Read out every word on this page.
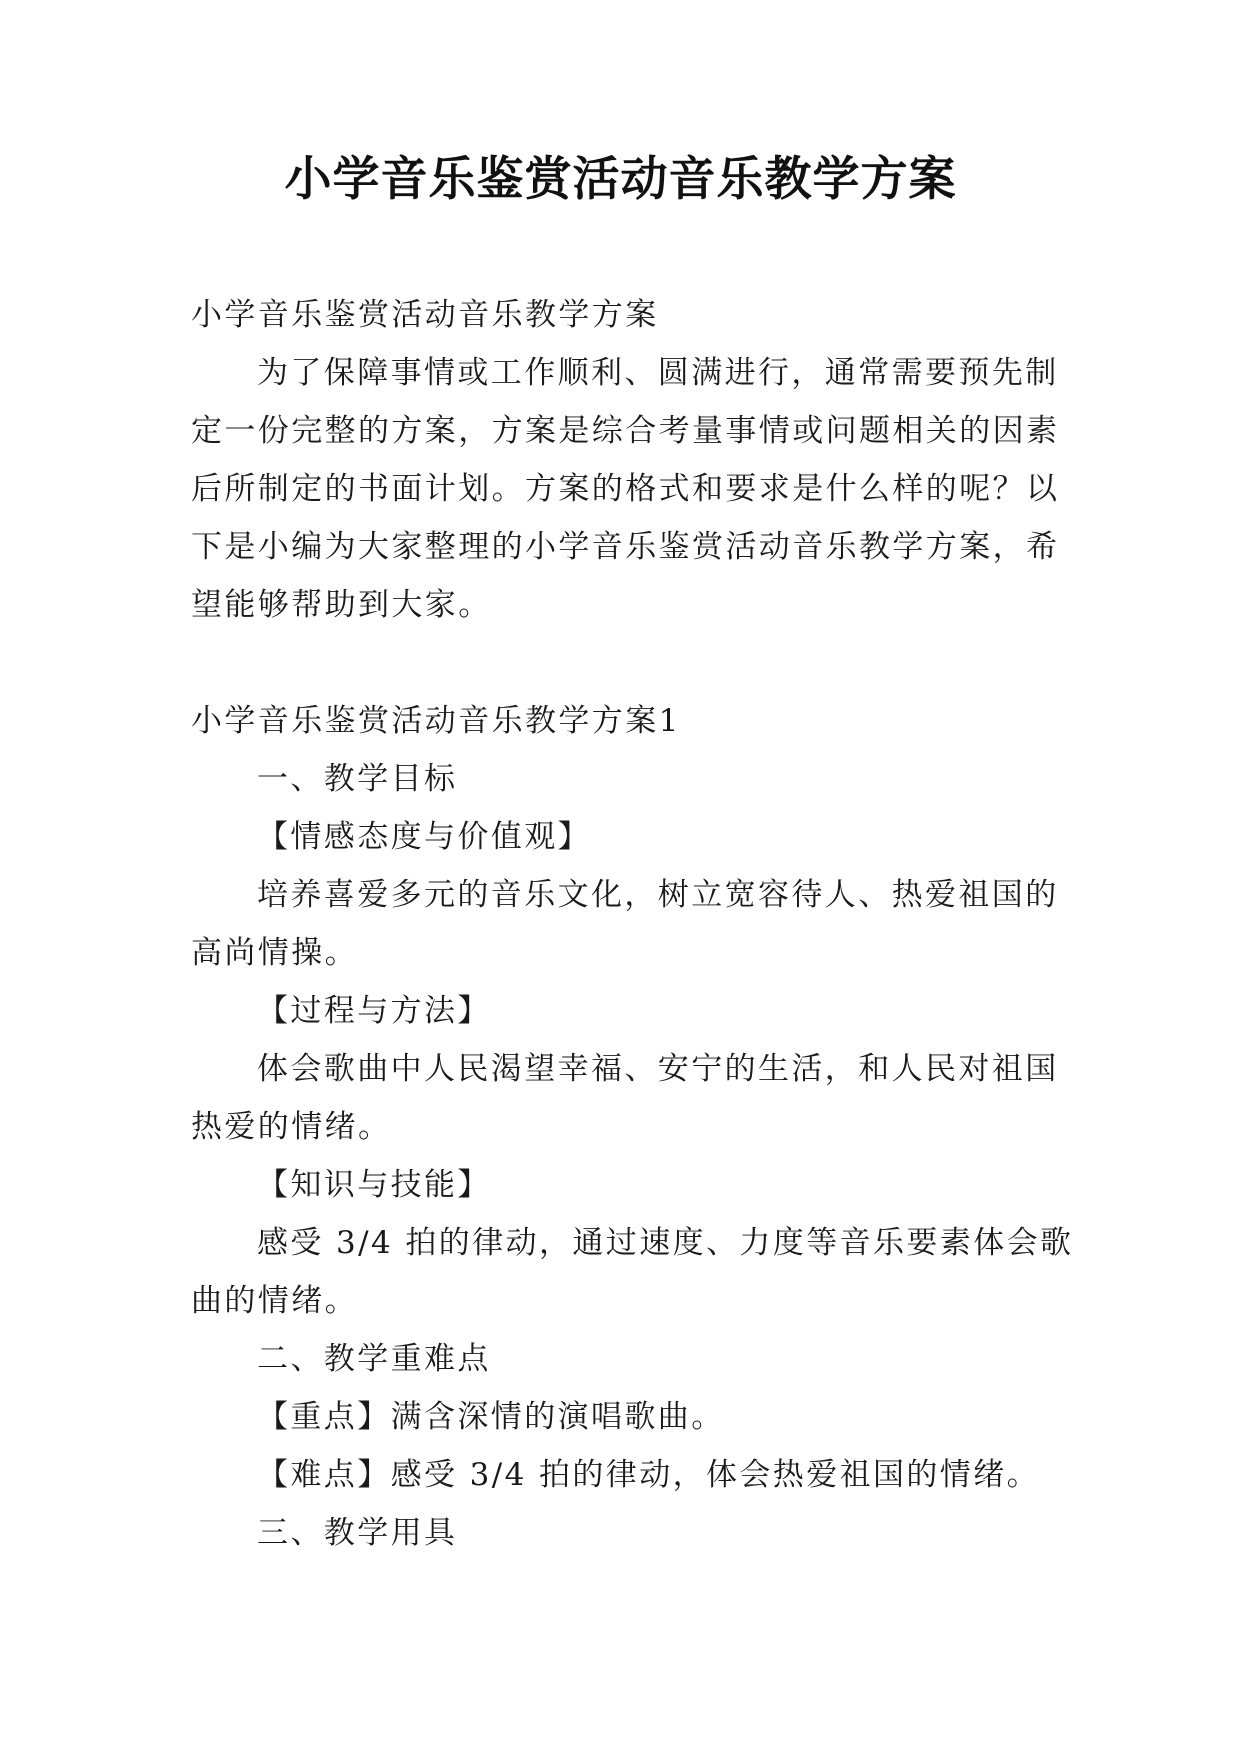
小学音乐鉴赏活动音乐教学方案

小学音乐鉴赏活动音乐教学方案

为了保障事情或工作顺利、圆满进行，通常需要预先制

定一份完整的方案，方案是综合考量事情或问题相关的因素

后所制定的书面计划。方案的格式和要求是什么样的呢？以

下是小编为大家整理的小学音乐鉴赏活动音乐教学方案，希

望能够帮助到大家。

小学音乐鉴赏活动音乐教学方案1

一、教学目标

【情感态度与价值观】

培养喜爱多元的音乐文化，树立宽容待人、热爱祖国的

高尚情操。

【过程与方法】

体会歌曲中人民渴望幸福、安宁的生活，和人民对祖国

热爱的情绪。

【知识与技能】

感受 3/4 拍的律动，通过速度、力度等音乐要素体会歌

曲的情绪。

二、教学重难点

【重点】满含深情的演唱歌曲。

【难点】感受 3/4 拍的律动，体会热爱祖国的情绪。

三、教学用具
